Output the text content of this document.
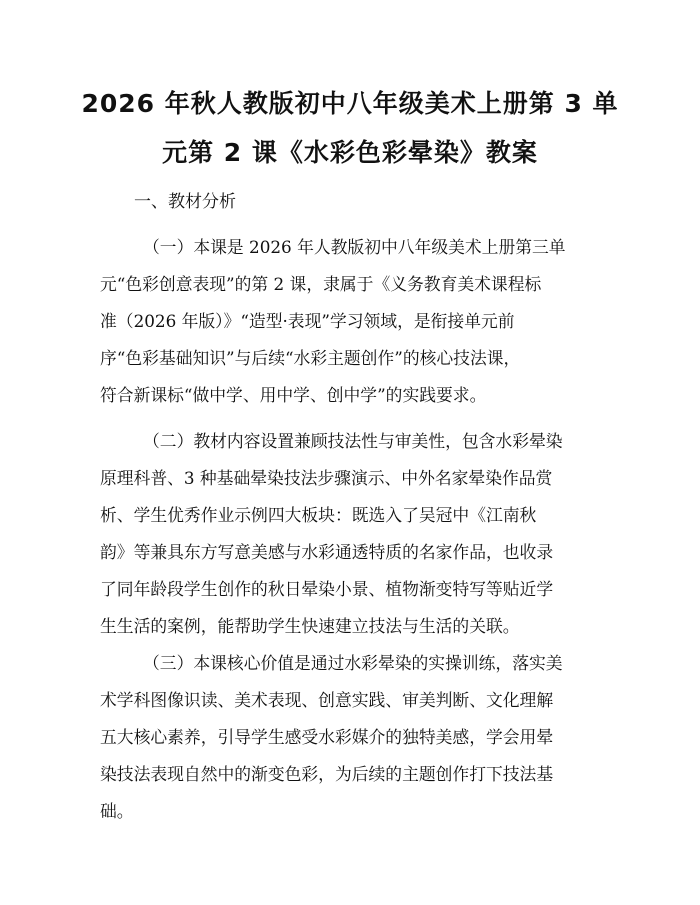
2026 年秋人教版初中八年级美术上册第 3 单
元第 2 课《水彩色彩晕染》教案

一、教材分析

（一）本课是 2026 年人教版初中八年级美术上册第三单
元“色彩创意表现”的第 2 课，隶属于《义务教育美术课程标
准（2026 年版）》“造型·表现”学习领域，是衔接单元前
序“色彩基础知识”与后续“水彩主题创作”的核心技法课，
符合新课标“做中学、用中学、创中学”的实践要求。
（二）教材内容设置兼顾技法性与审美性，包含水彩晕染
原理科普、3 种基础晕染技法步骤演示、中外名家晕染作品赏
析、学生优秀作业示例四大板块：既选入了吴冠中《江南秋
韵》等兼具东方写意美感与水彩通透特质的名家作品，也收录
了同年龄段学生创作的秋日晕染小景、植物渐变特写等贴近学
生生活的案例，能帮助学生快速建立技法与生活的关联。
（三）本课核心价值是通过水彩晕染的实操训练，落实美
术学科图像识读、美术表现、创意实践、审美判断、文化理解
五大核心素养，引导学生感受水彩媒介的独特美感，学会用晕
染技法表现自然中的渐变色彩，为后续的主题创作打下技法基
础。
